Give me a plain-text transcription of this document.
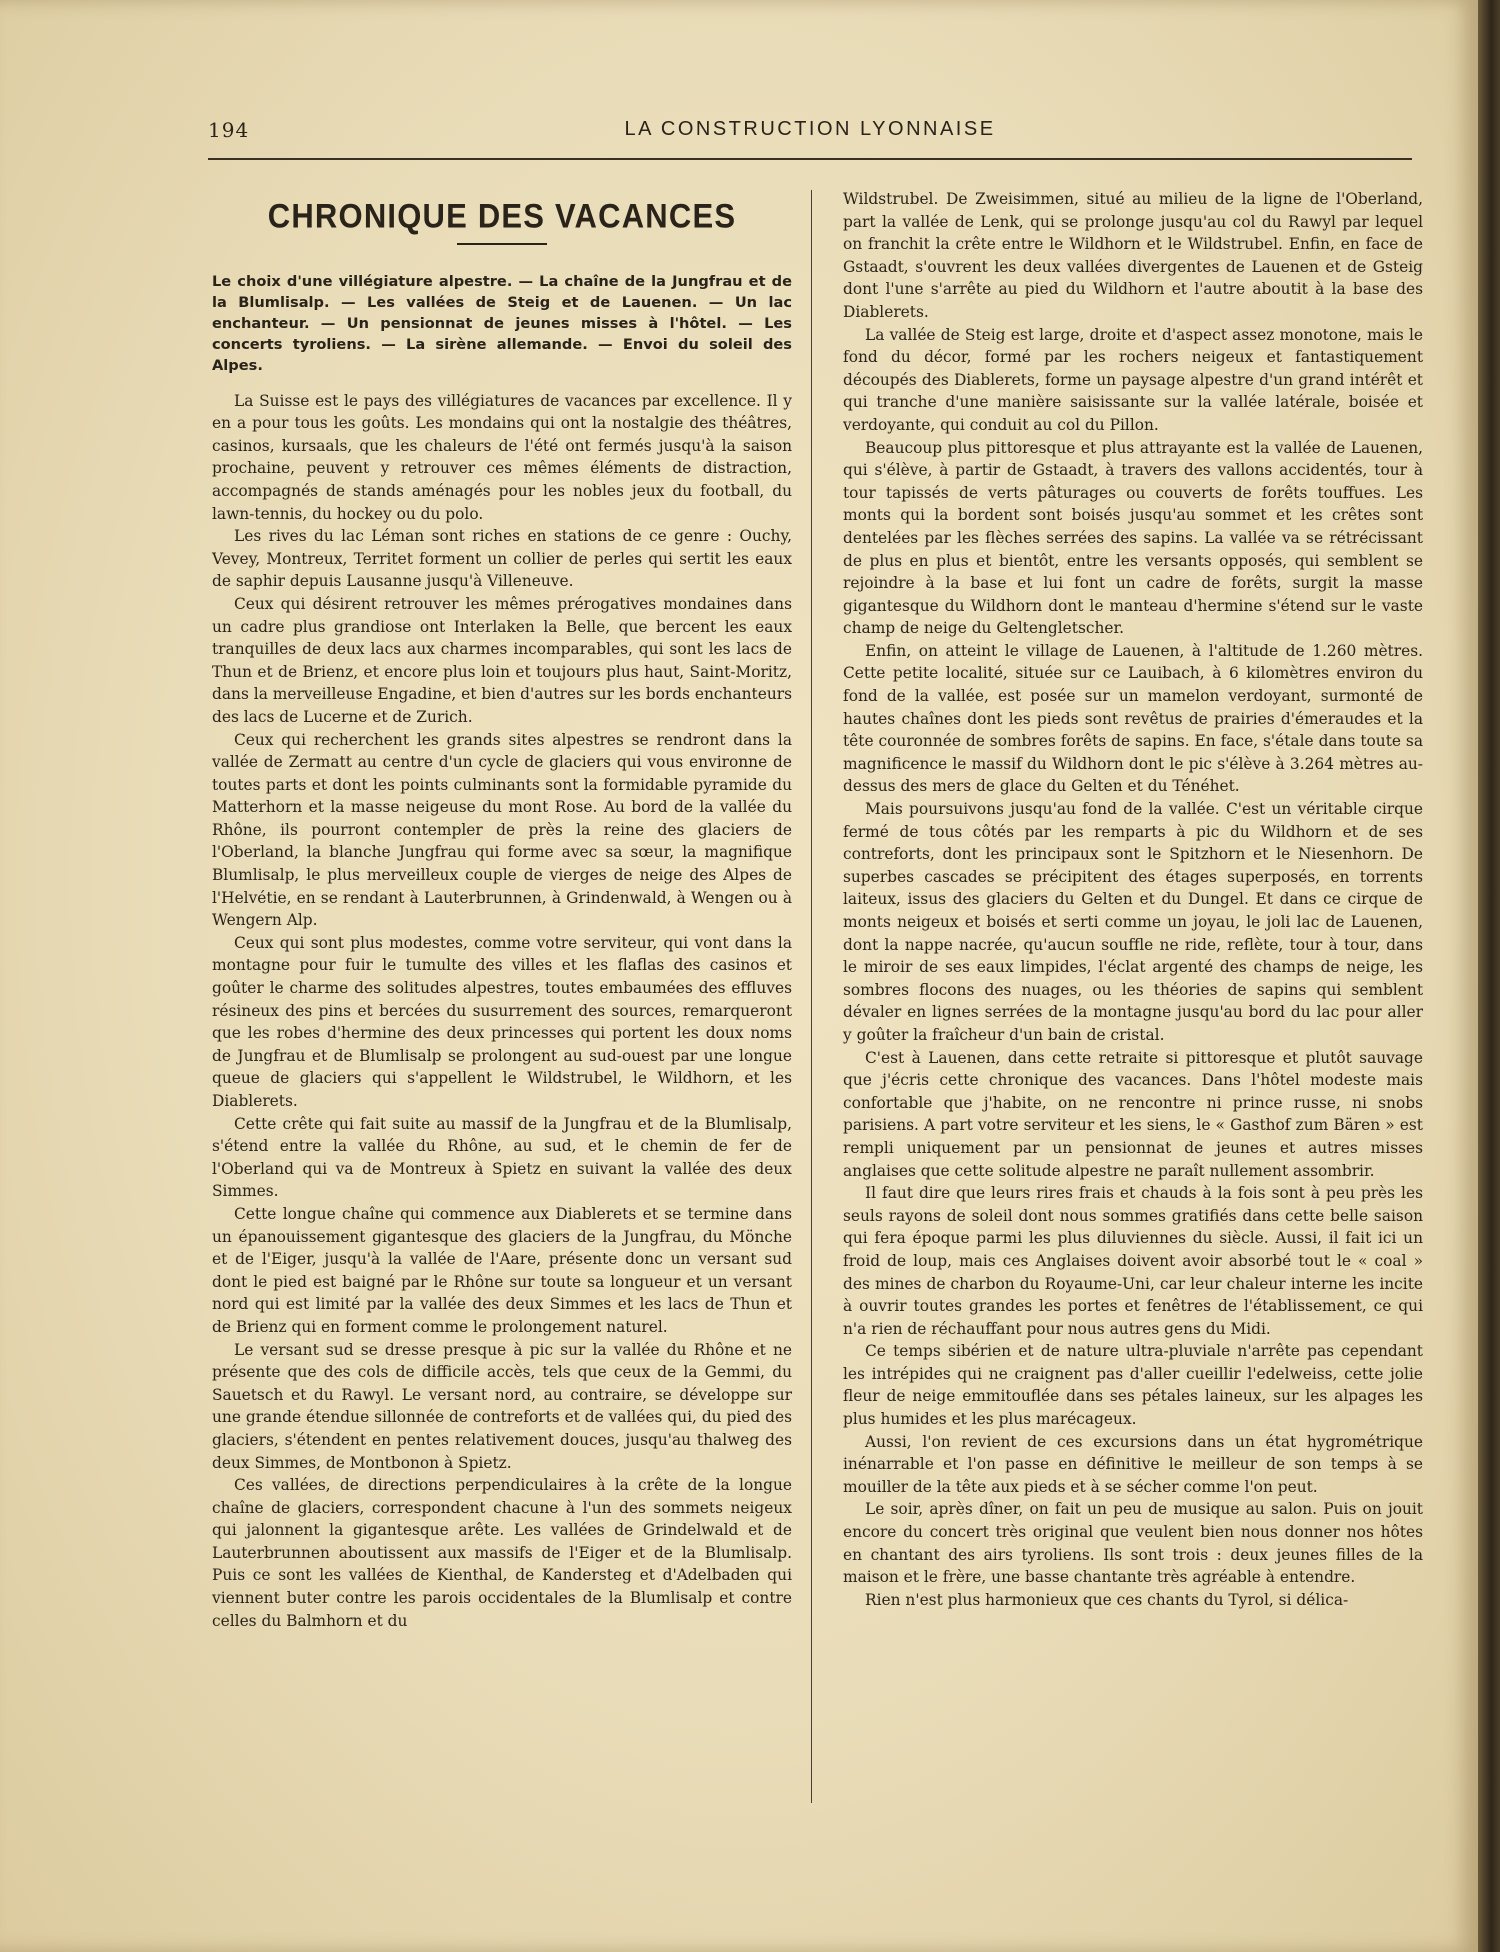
194	LA CONSTRUCTION LYONNAISE
CHRONIQUE DES VACANCES

Le choix d'une villégiature alpestre. — La chaîne de la Jungfrau et de la Blumlisalp. — Les vallées de Steig et de Lauenen. — Un lac enchanteur. — Un pensionnat de jeunes misses à l'hôtel. — Les concerts tyroliens. — La sirène allemande. — Envoi du soleil des Alpes.

La Suisse est le pays des villégiatures de vacances par excellence. Il y en a pour tous les goûts. Les mondains qui ont la nostalgie des théâtres, casinos, kursaals, que les chaleurs de l'été ont fermés jusqu'à la saison prochaine, peuvent y retrouver ces mêmes éléments de distraction, accompagnés de stands aménagés pour les nobles jeux du football, du lawn-tennis, du hockey ou du polo.

Les rives du lac Léman sont riches en stations de ce genre : Ouchy, Vevey, Montreux, Territet forment un collier de perles qui sertit les eaux de saphir depuis Lausanne jusqu'à Villeneuve.

Ceux qui désirent retrouver les mêmes prérogatives mondaines dans un cadre plus grandiose ont Interlaken la Belle, que bercent les eaux tranquilles de deux lacs aux charmes incomparables, qui sont les lacs de Thun et de Brienz, et encore plus loin et toujours plus haut, Saint-Moritz, dans la merveilleuse Engadine, et bien d'autres sur les bords enchanteurs des lacs de Lucerne et de Zurich.

Ceux qui recherchent les grands sites alpestres se rendront dans la vallée de Zermatt au centre d'un cycle de glaciers qui vous environne de toutes parts et dont les points culminants sont la formidable pyramide du Matterhorn et la masse neigeuse du mont Rose. Au bord de la vallée du Rhône, ils pourront contempler de près la reine des glaciers de l'Oberland, la blanche Jungfrau qui forme avec sa sœur, la magnifique Blumlisalp, le plus merveilleux couple de vierges de neige des Alpes de l'Helvétie, en se rendant à Lauterbrunnen, à Grindenwald, à Wengen ou à Wengern Alp.

Ceux qui sont plus modestes, comme votre serviteur, qui vont dans la montagne pour fuir le tumulte des villes et les flaflas des casinos et goûter le charme des solitudes alpestres, toutes embaumées des effluves résineux des pins et bercées du susurrement des sources, remarqueront que les robes d'hermine des deux princesses qui portent les doux noms de Jungfrau et de Blumlisalp se prolongent au sud-ouest par une longue queue de glaciers qui s'appellent le Wildstrubel, le Wildhorn, et les Diablerets.

Cette crête qui fait suite au massif de la Jungfrau et de la Blumlisalp, s'étend entre la vallée du Rhône, au sud, et le chemin de fer de l'Oberland qui va de Montreux à Spietz en suivant la vallée des deux Simmes.

Cette longue chaîne qui commence aux Diablerets et se termine dans un épanouissement gigantesque des glaciers de la Jungfrau, du Mönche et de l'Eiger, jusqu'à la vallée de l'Aare, présente donc un versant sud dont le pied est baigné par le Rhône sur toute sa longueur et un versant nord qui est limité par la vallée des deux Simmes et les lacs de Thun et de Brienz qui en forment comme le prolongement naturel.

Le versant sud se dresse presque à pic sur la vallée du Rhône et ne présente que des cols de difficile accès, tels que ceux de la Gemmi, du Sauetsch et du Rawyl. Le versant nord, au contraire, se développe sur une grande étendue sillonnée de contreforts et de vallées qui, du pied des glaciers, s'étendent en pentes relativement douces, jusqu'au thalweg des deux Simmes, de Montbonon à Spietz.

Ces vallées, de directions perpendiculaires à la crête de la longue chaîne de glaciers, correspondent chacune à l'un des sommets neigeux qui jalonnent la gigantesque arête. Les vallées de Grindelwald et de Lauterbrunnen aboutissent aux massifs de l'Eiger et de la Blumlisalp. Puis ce sont les vallées de Kienthal, de Kandersteg et d'Adelbaden qui viennent buter contre les parois occidentales de la Blumlisalp et contre celles du Balmhorn et du

Wildstrubel. De Zweisimmen, situé au milieu de la ligne de l'Oberland, part la vallée de Lenk, qui se prolonge jusqu'au col du Rawyl par lequel on franchit la crête entre le Wildhorn et le Wildstrubel. Enfin, en face de Gstaadt, s'ouvrent les deux vallées divergentes de Lauenen et de Gsteig dont l'une s'arrête au pied du Wildhorn et l'autre aboutit à la base des Diablerets.

La vallée de Steig est large, droite et d'aspect assez monotone, mais le fond du décor, formé par les rochers neigeux et fantastiquement découpés des Diablerets, forme un paysage alpestre d'un grand intérêt et qui tranche d'une manière saisissante sur la vallée latérale, boisée et verdoyante, qui conduit au col du Pillon.

Beaucoup plus pittoresque et plus attrayante est la vallée de Lauenen, qui s'élève, à partir de Gstaadt, à travers des vallons accidentés, tour à tour tapissés de verts pâturages ou couverts de forêts touffues. Les monts qui la bordent sont boisés jusqu'au sommet et les crêtes sont dentelées par les flèches serrées des sapins. La vallée va se rétrécissant de plus en plus et bientôt, entre les versants opposés, qui semblent se rejoindre à la base et lui font un cadre de forêts, surgit la masse gigantesque du Wildhorn dont le manteau d'hermine s'étend sur le vaste champ de neige du Geltengletscher.

Enfin, on atteint le village de Lauenen, à l'altitude de 1.260 mètres. Cette petite localité, située sur ce Lauibach, à 6 kilomètres environ du fond de la vallée, est posée sur un mamelon verdoyant, surmonté de hautes chaînes dont les pieds sont revêtus de prairies d'émeraudes et la tête couronnée de sombres forêts de sapins. En face, s'étale dans toute sa magnificence le massif du Wildhorn dont le pic s'élève à 3.264 mètres au-dessus des mers de glace du Gelten et du Ténéhet.

Mais poursuivons jusqu'au fond de la vallée. C'est un véritable cirque fermé de tous côtés par les remparts à pic du Wildhorn et de ses contreforts, dont les principaux sont le Spitzhorn et le Niesenhorn. De superbes cascades se précipitent des étages superposés, en torrents laiteux, issus des glaciers du Gelten et du Dungel. Et dans ce cirque de monts neigeux et boisés et serti comme un joyau, le joli lac de Lauenen, dont la nappe nacrée, qu'aucun souffle ne ride, reflète, tour à tour, dans le miroir de ses eaux limpides, l'éclat argenté des champs de neige, les sombres flocons des nuages, ou les théories de sapins qui semblent dévaler en lignes serrées de la montagne jusqu'au bord du lac pour aller y goûter la fraîcheur d'un bain de cristal.

C'est à Lauenen, dans cette retraite si pittoresque et plutôt sauvage que j'écris cette chronique des vacances. Dans l'hôtel modeste mais confortable que j'habite, on ne rencontre ni prince russe, ni snobs parisiens. A part votre serviteur et les siens, le « Gasthof zum Bären » est rempli uniquement par un pensionnat de jeunes et autres misses anglaises que cette solitude alpestre ne paraît nullement assombrir.

Il faut dire que leurs rires frais et chauds à la fois sont à peu près les seuls rayons de soleil dont nous sommes gratifiés dans cette belle saison qui fera époque parmi les plus diluviennes du siècle. Aussi, il fait ici un froid de loup, mais ces Anglaises doivent avoir absorbé tout le « coal » des mines de charbon du Royaume-Uni, car leur chaleur interne les incite à ouvrir toutes grandes les portes et fenêtres de l'établissement, ce qui n'a rien de réchauffant pour nous autres gens du Midi.

Ce temps sibérien et de nature ultra-pluviale n'arrête pas cependant les intrépides qui ne craignent pas d'aller cueillir l'edelweiss, cette jolie fleur de neige emmitouflée dans ses pétales laineux, sur les alpages les plus humides et les plus marécageux.

Aussi, l'on revient de ces excursions dans un état hygrométrique inénarrable et l'on passe en définitive le meilleur de son temps à se mouiller de la tête aux pieds et à se sécher comme l'on peut.

Le soir, après dîner, on fait un peu de musique au salon. Puis on jouit encore du concert très original que veulent bien nous donner nos hôtes en chantant des airs tyroliens. Ils sont trois : deux jeunes filles de la maison et le frère, une basse chantante très agréable à entendre.

Rien n'est plus harmonieux que ces chants du Tyrol, si délica-
